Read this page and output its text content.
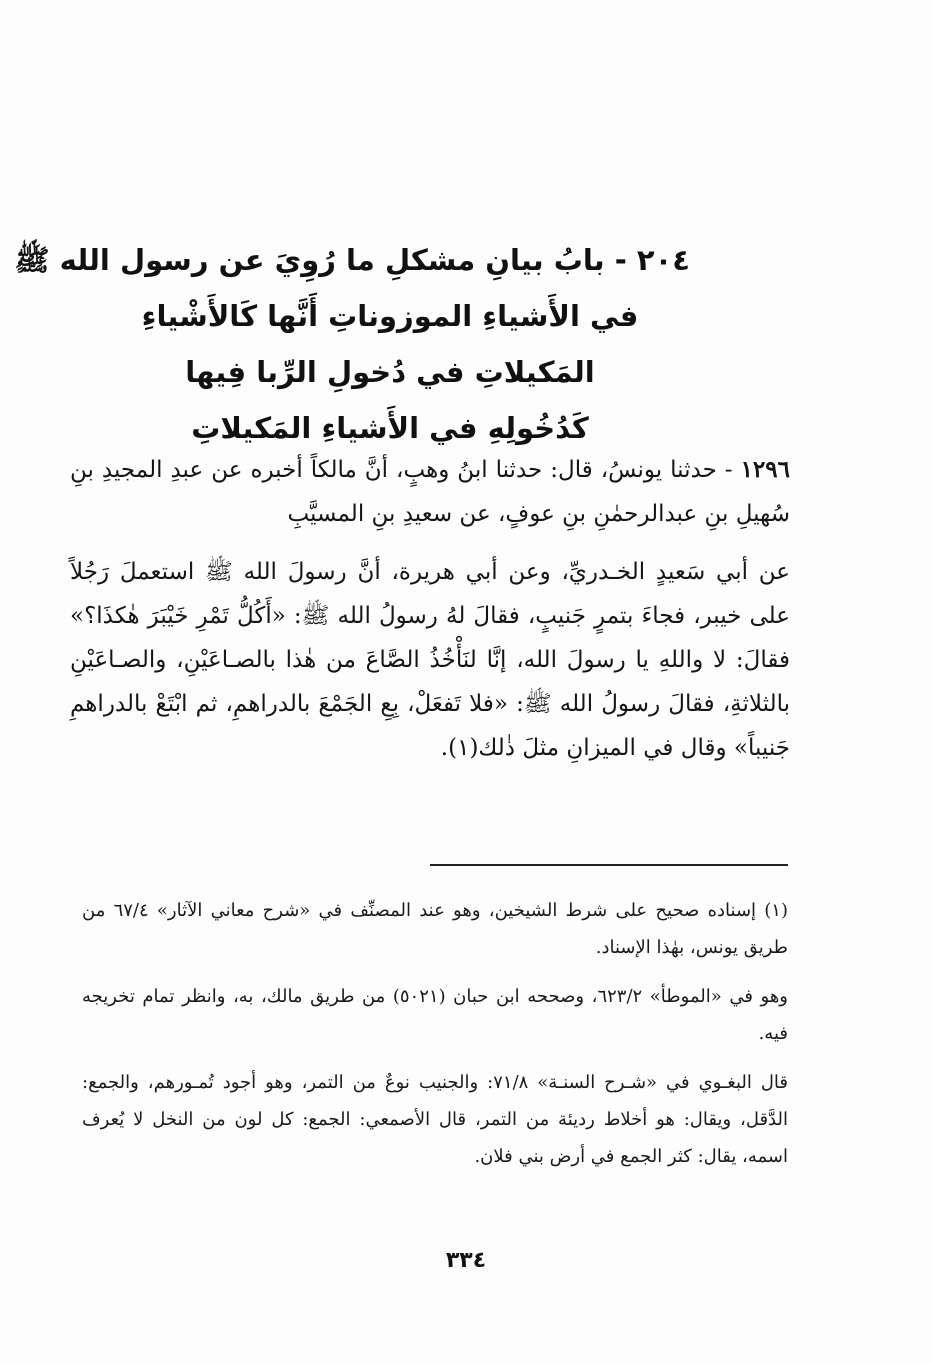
٢٠٤ - بابُ بيانِ مشكلِ ما رُوِيَ عن رسول الله ﷺ
في الأَشياءِ الموزوناتِ أَنَّها كَالأَشْياءِ
المَكيلاتِ في دُخولِ الرِّبا فِيها
كَدُخُولِهِ في الأَشياءِ المَكيلاتِ

١٢٩٦ - حدثنا يونسُ، قال: حدثنا ابنُ وهبٍ، أنَّ مالكاً أخبره عن عبدِ المجيدِ بنِ سُهيلِ بنِ عبدالرحمٰنِ بنِ عوفٍ، عن سعيدِ بنِ المسيَّبِ

عن أبي سَعيدٍ الخـدريِّ، وعن أبي هريرة، أنَّ رسولَ الله ﷺ استعملَ رَجُلاً على خيبر، فجاءَ بتمرٍ جَنيبٍ، فقالَ لهُ رسولُ الله ﷺ: «أَكُلُّ تَمْرِ خَيْبَرَ هٰكذَا؟» فقالَ: لا واللهِ يا رسولَ الله، إنَّا لنَأْخُذُ الصَّاعَ من هٰذا بالصـاعَيْنِ، والصـاعَيْنِ بالثلاثةِ، فقالَ رسولُ الله ﷺ: «فلا تَفعَلْ، بِعِ الجَمْعَ بالدراهمِ، ثم ابْتَعْ بالدراهمِ جَنيباً» وقال في الميزانِ مثلَ ذٰلك(١).

(١) إسناده صحيح على شرط الشيخين، وهو عند المصنِّف في «شرح معاني الآثار» ٦٧/٤ من طريق يونس، بهٰذا الإسناد.

وهو في «الموطأ» ٦٢٣/٢، وصححه ابن حبان (٥٠٢١) من طريق مالك، به، وانظر تمام تخريجه فيه.

قال البغـوي في «شـرح السنـة» ٧١/٨: والجنيب نوعٌ من التمر، وهو أجود تُمـورهم، والجمع: الدَّقل، ويقال: هو أخلاط رديئة من التمر، قال الأصمعي: الجمع: كل لون من النخل لا يُعرف اسمه، يقال: كثر الجمع في أرض بني فلان.

٣٣٤
